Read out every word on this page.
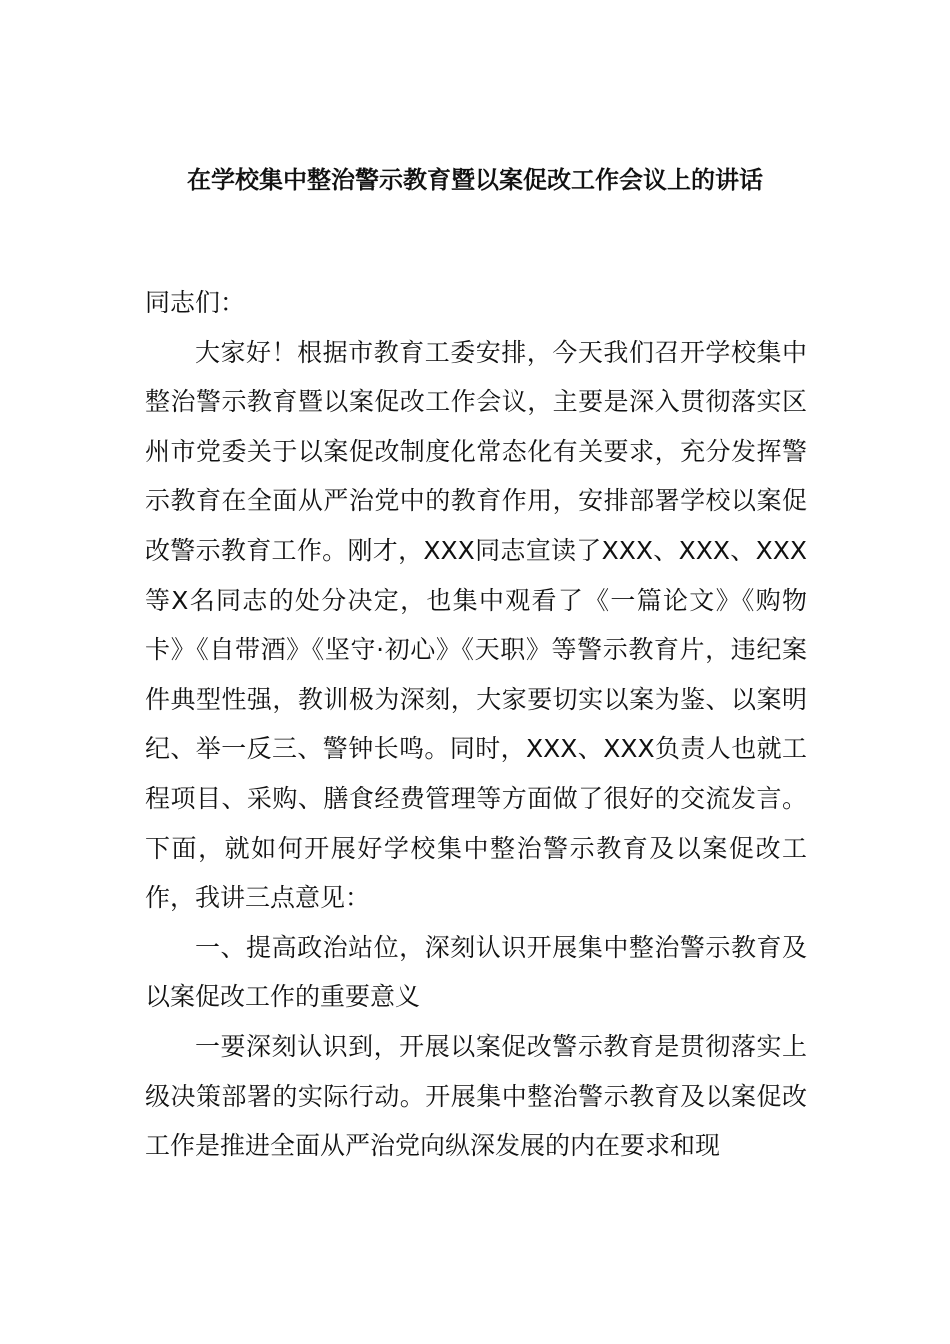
在学校集中整治警示教育暨以案促改工作会议上的讲话

同志们：

大家好！根据市教育工委安排，今天我们召开学校集中整治警示教育暨以案促改工作会议，主要是深入贯彻落实区州市党委关于以案促改制度化常态化有关要求，充分发挥警示教育在全面从严治党中的教育作用，安排部署学校以案促改警示教育工作。刚才，XXX同志宣读了XXX、XXX、XXX等X名同志的处分决定，也集中观看了《一篇论文》《购物卡》《自带酒》《坚守·初心》《天职》等警示教育片，违纪案件典型性强，教训极为深刻，大家要切实以案为鉴、以案明纪、举一反三、警钟长鸣。同时，XXX、XXX负责人也就工程项目、采购、膳食经费管理等方面做了很好的交流发言。下面，就如何开展好学校集中整治警示教育及以案促改工作，我讲三点意见：

一、提高政治站位，深刻认识开展集中整治警示教育及以案促改工作的重要意义

一要深刻认识到，开展以案促改警示教育是贯彻落实上级决策部署的实际行动。开展集中整治警示教育及以案促改工作是推进全面从严治党向纵深发展的内在要求和现
